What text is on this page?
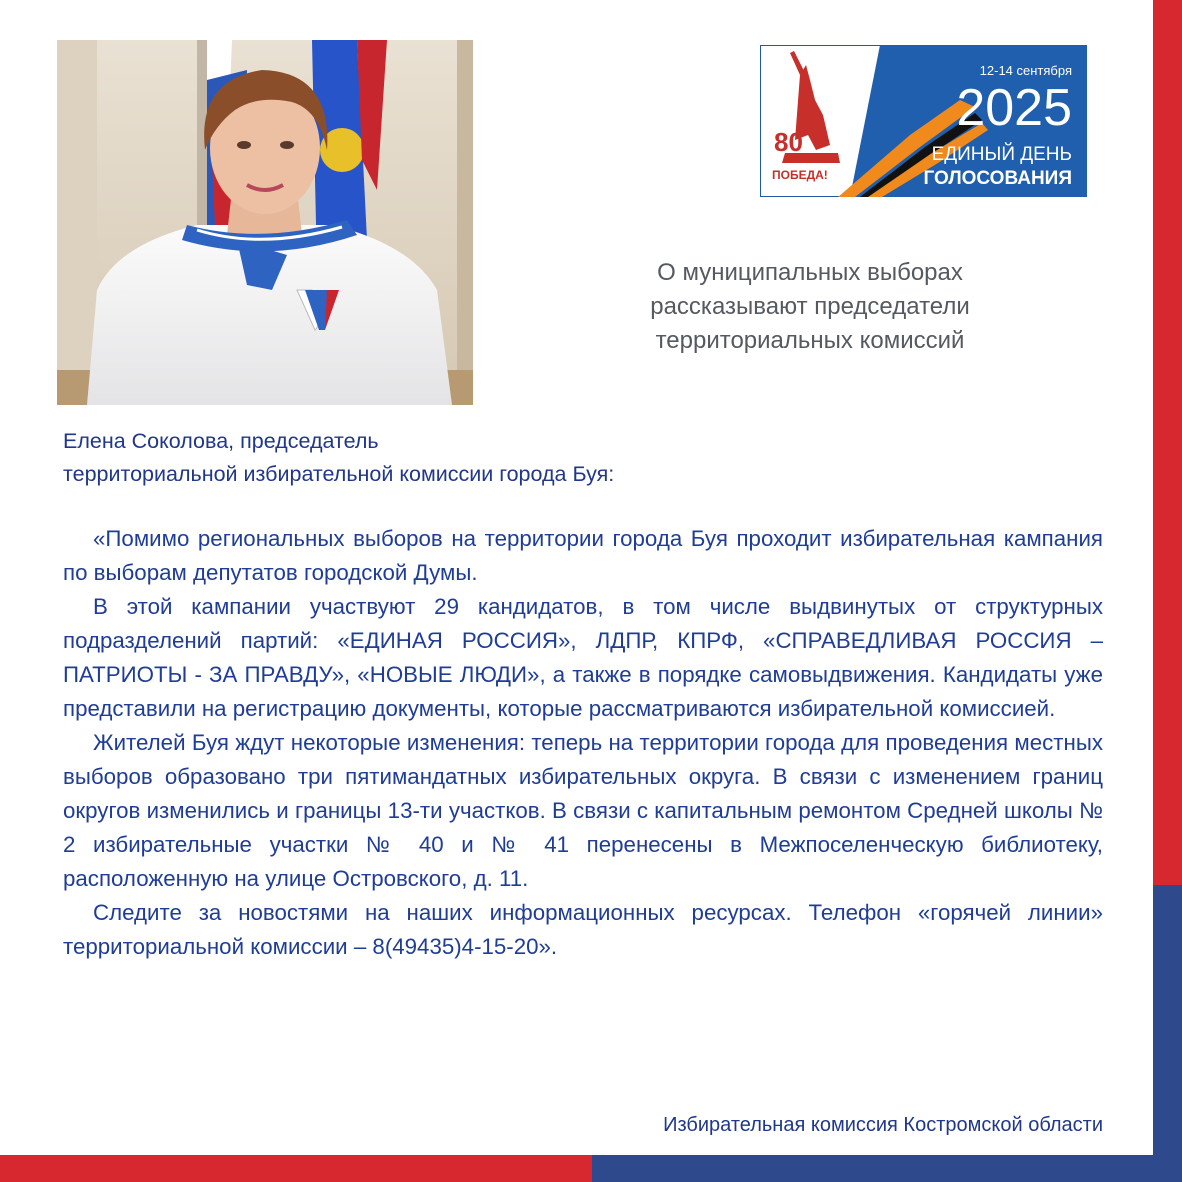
80
ПОБЕДА!
12-14 сентября
2025
ЕДИНЫЙ ДЕНЬ
ГОЛОСОВАНИЯ
О муниципальных выборах
рассказывают председатели
территориальных комиссий
Елена Соколова, председатель
территориальной избирательной комиссии города Буя:

«Помимо региональных выборов на территории города Буя проходит избирательная кампания по выборам депутатов городской Думы.

В этой кампании участвуют 29 кандидатов, в том числе выдвинутых от структурных подразделений партий: «ЕДИНАЯ РОССИЯ», ЛДПР, КПРФ, «СПРАВЕДЛИВАЯ РОССИЯ – ПАТРИОТЫ - ЗА ПРАВДУ», «НОВЫЕ ЛЮДИ», а также в порядке самовыдвижения. Кандидаты уже представили на регистрацию документы, которые рассматриваются избирательной комиссией.

Жителей Буя ждут некоторые изменения: теперь на территории города для проведения местных выборов образовано три пятимандатных избирательных округа. В связи с изменением границ округов изменились и границы 13-ти участков. В связи с капитальным ремонтом Средней школы № 2 избирательные участки № 40 и № 41 перенесены в Межпоселенческую библиотеку, расположенную на улице Островского, д. 11.

Следите за новостями на наших информационных ресурсах. Телефон «горячей линии» территориальной комиссии – 8(49435)4-15-20».

Избирательная комиссия Костромской области
